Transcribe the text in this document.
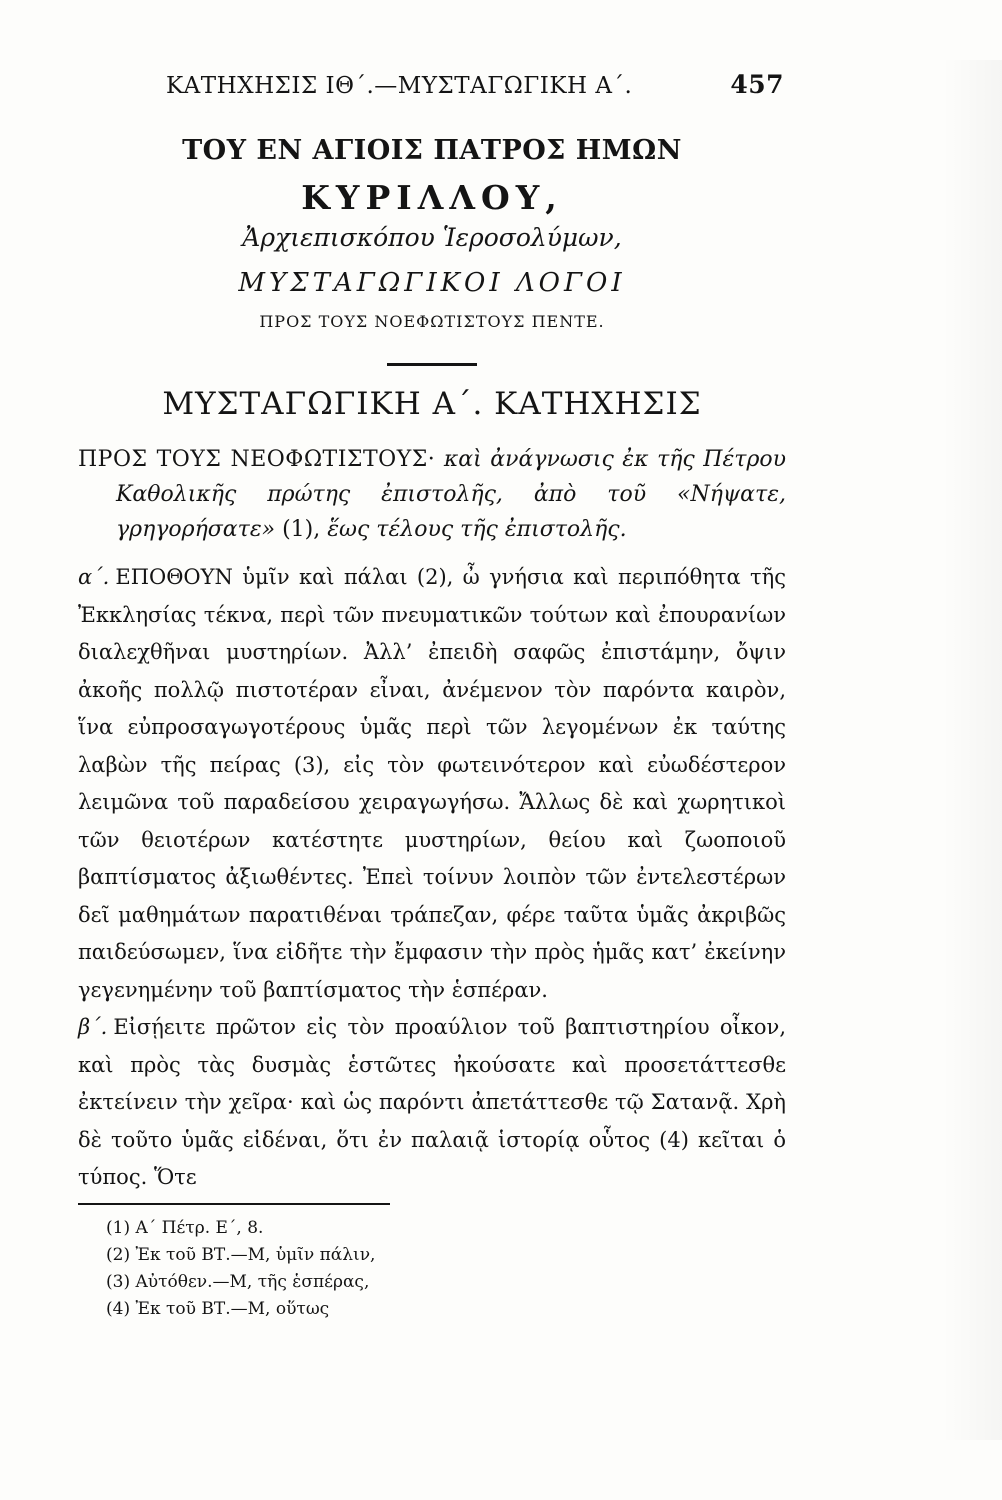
ΚΑΤΗΧΗΣΙΣ ΙΘ΄.—ΜΥΣΤΑΓΩΓΙΚΗ Α΄.	457
ΤΟΥ ΕΝ ΑΓΙΟΙΣ ΠΑΤΡΟΣ ΗΜΩΝ
ΚΥΡΙΛΛΟΥ,
Ἀρχιεπισκόπου Ἱεροσολύμων,
ΜΥΣΤΑΓΩΓΙΚΟΙ ΛΟΓΟΙ
ΠΡΟΣ ΤΟΥΣ ΝΟΕΦΩΤΙΣΤΟΥΣ ΠΕΝΤΕ.
ΜΥΣΤΑΓΩΓΙΚΗ Α΄. ΚΑΤΗΧΗΣΙΣ

ΠΡΟΣ ΤΟΥΣ ΝΕΟΦΩΤΙΣΤΟΥΣ· καὶ ἀνάγνωσις ἐκ τῆς Πέτρου Καθολικῆς πρώτης ἐπιστολῆς, ἀπὸ τοῦ «Νήψατε, γρηγορήσατε» (1), ἕως τέλους τῆς ἐπιστολῆς.

α΄. ΕΠΟΘΟΥΝ ὑμῖν καὶ πάλαι (2), ὦ γνήσια καὶ περιπόθητα τῆς Ἐκκλησίας τέκνα, περὶ τῶν πνευματικῶν τούτων καὶ ἐπουρανίων διαλεχθῆναι μυστηρίων. Ἀλλ’ ἐπειδὴ σαφῶς ἐπιστάμην, ὄψιν ἀκοῆς πολλῷ πιστοτέραν εἶναι, ἀνέμενον τὸν παρόντα καιρὸν, ἵνα εὐπροσαγωγοτέρους ὑμᾶς περὶ τῶν λεγομένων ἐκ ταύτης λαβὼν τῆς πείρας (3), εἰς τὸν φωτεινότερον καὶ εὐωδέστερον λειμῶνα τοῦ παραδείσου χειραγωγήσω. Ἄλλως δὲ καὶ χωρητικοὶ τῶν θειοτέρων κατέστητε μυστηρίων, θείου καὶ ζωοποιοῦ βαπτίσματος ἀξιωθέντες. Ἐπεὶ τοίνυν λοιπὸν τῶν ἐντελεστέρων δεῖ μαθημάτων παρατιθέναι τράπεζαν, φέρε ταῦτα ὑμᾶς ἀκριβῶς παιδεύσωμεν, ἵνα εἰδῆτε τὴν ἔμφασιν τὴν πρὸς ἡμᾶς κατ’ ἐκείνην γεγενημένην τοῦ βαπτίσματος τὴν ἑσπέραν.

β΄. Εἰσῄειτε πρῶτον εἰς τὸν προαύλιον τοῦ βαπτιστηρίου οἶκον, καὶ πρὸς τὰς δυσμὰς ἑστῶτες ἠκούσατε καὶ προσετάττεσθε ἐκτείνειν τὴν χεῖρα· καὶ ὡς παρόντι ἀπετάττεσθε τῷ Σατανᾷ. Χρὴ δὲ τοῦτο ὑμᾶς εἰδέναι, ὅτι ἐν παλαιᾷ ἱστορίᾳ οὗτος (4) κεῖται ὁ τύπος. Ὅτε

(1) Α΄ Πέτρ. Ε΄, 8.

(2) Ἐκ τοῦ ΒΤ.—Μ, ὑμῖν πάλιν,

(3) Αὐτόθεν.—Μ, τῆς ἑσπέρας,

(4) Ἐκ τοῦ ΒΤ.—Μ, οὕτως
